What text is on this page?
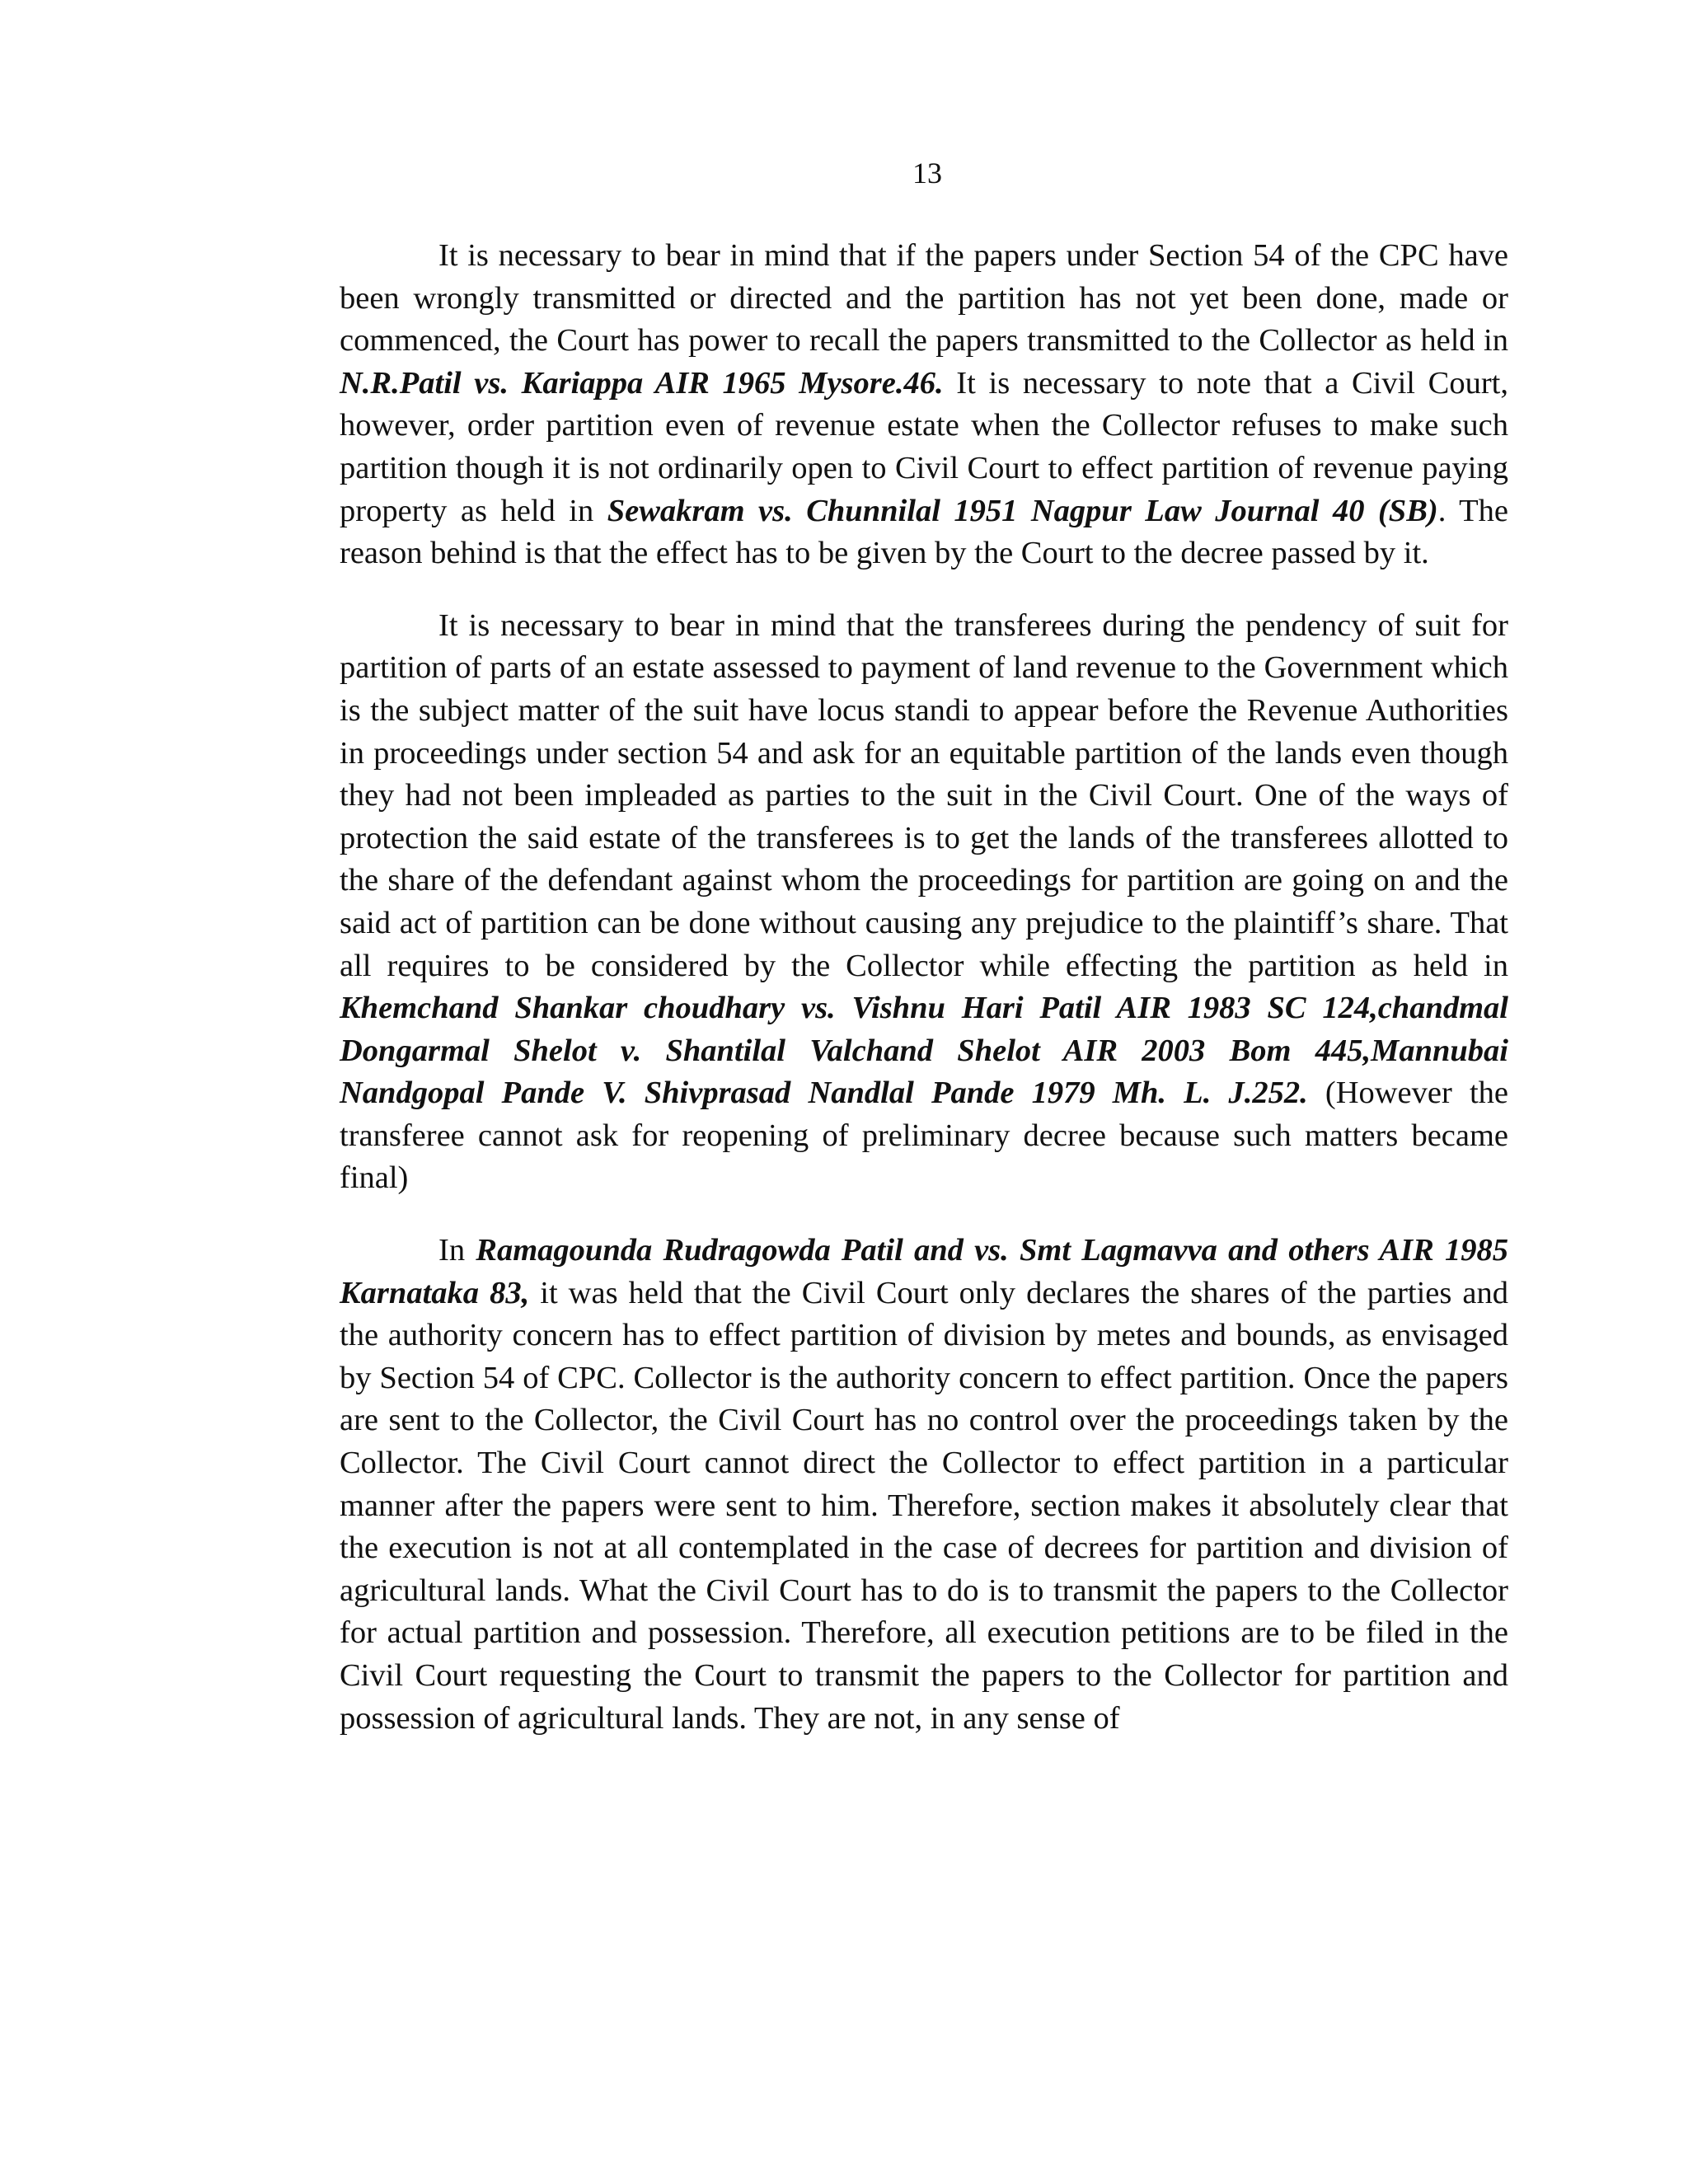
13

It is necessary to bear in mind that if the papers under Section 54 of the CPC have been wrongly transmitted or directed and the partition has not yet been done, made or commenced, the Court has power to recall the papers transmitted to the Collector as held in N.R.Patil vs. Kariappa AIR 1965 Mysore.46. It is necessary to note that a Civil Court, however, order partition even of revenue estate when the Collector refuses to make such partition though it is not ordinarily open to Civil Court to effect partition of revenue paying property as held in Sewakram vs. Chunnilal 1951 Nagpur Law Journal 40 (SB). The reason behind is that the effect has to be given by the Court to the decree passed by it.

It is necessary to bear in mind that the transferees during the pendency of suit for partition of parts of an estate assessed to payment of land revenue to the Government which is the subject matter of the suit have locus standi to appear before the Revenue Authorities in proceedings under section 54 and ask for an equitable partition of the lands even though they had not been impleaded as parties to the suit in the Civil Court. One of the ways of protection the said estate of the transferees is to get the lands of the transferees allotted to the share of the defendant against whom the proceedings for partition are going on and the said act of partition can be done without causing any prejudice to the plaintiff’s share. That all requires to be considered by the Collector while effecting the partition as held in Khemchand Shankar choudhary vs. Vishnu Hari Patil AIR 1983 SC 124,chandmal Dongarmal Shelot v. Shantilal Valchand Shelot AIR 2003 Bom 445,Mannubai Nandgopal Pande V. Shivprasad Nandlal Pande 1979 Mh. L. J.252. (However the transferee cannot ask for reopening of preliminary decree because such matters became final)

In Ramagounda Rudragowda Patil and vs. Smt Lagmavva and others AIR 1985 Karnataka 83, it was held that the Civil Court only declares the shares of the parties and the authority concern has to effect partition of division by metes and bounds, as envisaged by Section 54 of CPC. Collector is the authority concern to effect partition. Once the papers are sent to the Collector, the Civil Court has no control over the proceedings taken by the Collector. The Civil Court cannot direct the Collector to effect partition in a particular manner after the papers were sent to him. Therefore, section makes it absolutely clear that the execution is not at all contemplated in the case of decrees for partition and division of agricultural lands. What the Civil Court has to do is to transmit the papers to the Collector for actual partition and possession. Therefore, all execution petitions are to be filed in the Civil Court requesting the Court to transmit the papers to the Collector for partition and possession of agricultural lands. They are not, in any sense of
